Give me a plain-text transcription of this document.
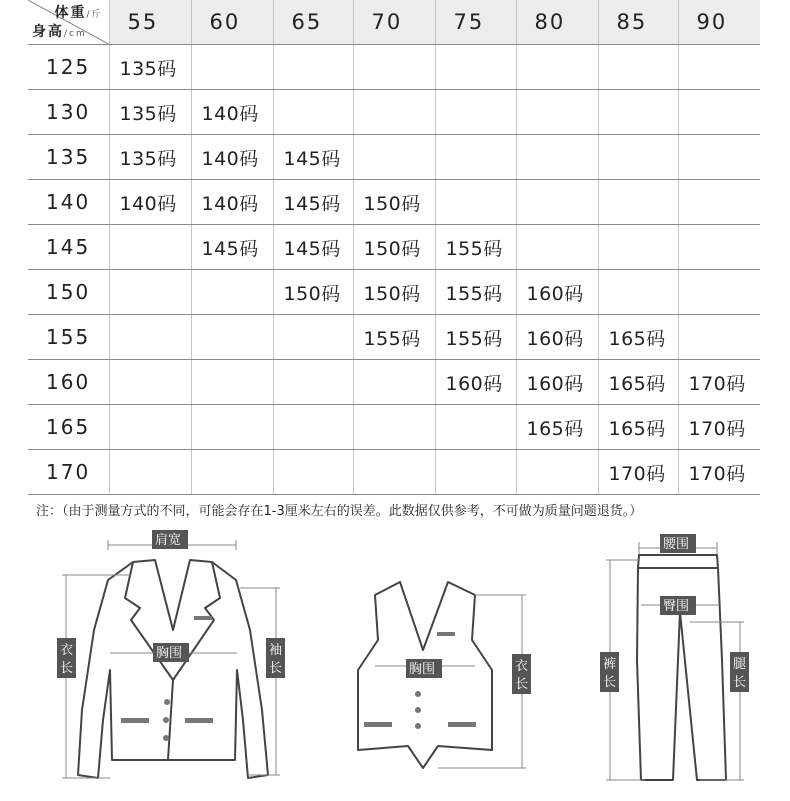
体重/斤
身高/cm	55	60	65	70	75	80	85	90
125	135码							
130	135码	140码						
135	135码	140码	145码					
140	140码	140码	145码	150码				
145		145码	145码	150码	155码			
150			150码	150码	155码	160码		
155				155码	155码	160码	165码	
160					160码	160码	165码	170码
165						165码	165码	170码
170							170码	170码
注：（由于测量方式的不同，可能会存在1-3厘米左右的误差。此数据仅供参考，不可做为质量问题退货。）
肩宽
胸围
衣
长
袖
长	胸围	衣
长
腰围
臀围
裤
长
腿
长
